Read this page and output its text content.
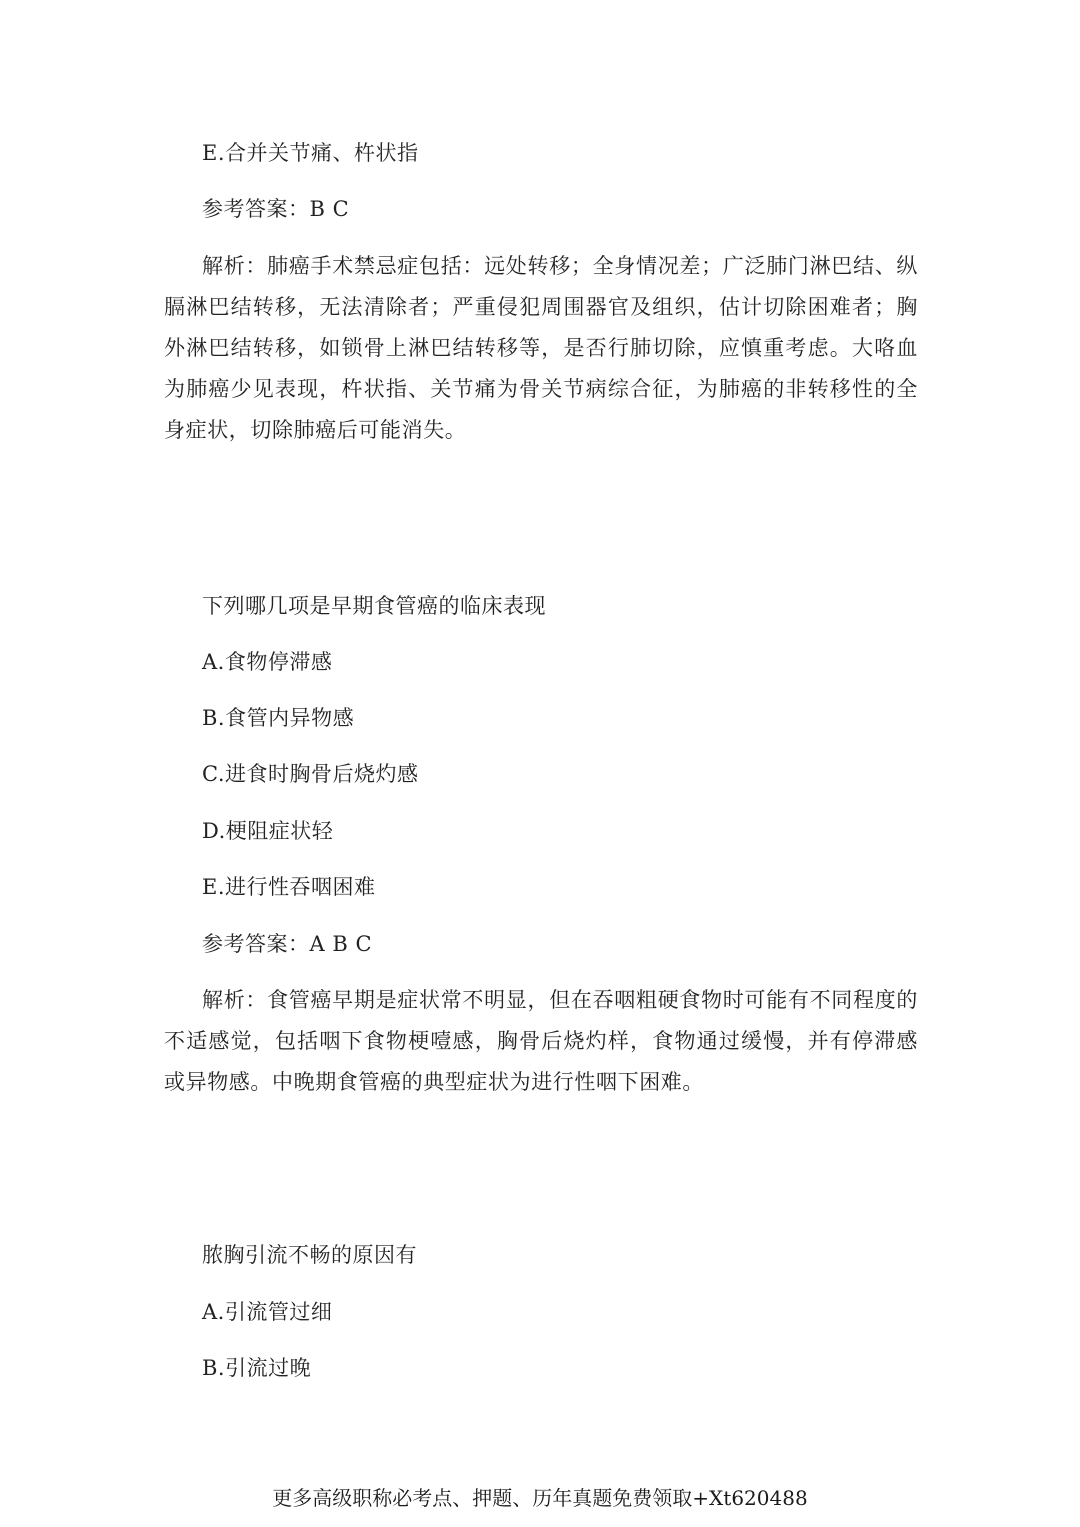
E.合并关节痛、杵状指
参考答案：B C
解析：肺癌手术禁忌症包括：远处转移；全身情况差；广泛肺门淋巴结、纵膈淋巴结转移，无法清除者；严重侵犯周围器官及组织，估计切除困难者；胸外淋巴结转移，如锁骨上淋巴结转移等，是否行肺切除，应慎重考虑。大咯血为肺癌少见表现，杵状指、关节痛为骨关节病综合征，为肺癌的非转移性的全身症状，切除肺癌后可能消失。
下列哪几项是早期食管癌的临床表现
A.食物停滞感
B.食管内异物感
C.进食时胸骨后烧灼感
D.梗阻症状轻
E.进行性吞咽困难
参考答案：A B C
解析：食管癌早期是症状常不明显，但在吞咽粗硬食物时可能有不同程度的不适感觉，包括咽下食物梗噎感，胸骨后烧灼样，食物通过缓慢，并有停滞感或异物感。中晚期食管癌的典型症状为进行性咽下困难。
脓胸引流不畅的原因有
A.引流管过细
B.引流过晚
更多高级职称必考点、押题、历年真题免费领取+Xt620488
